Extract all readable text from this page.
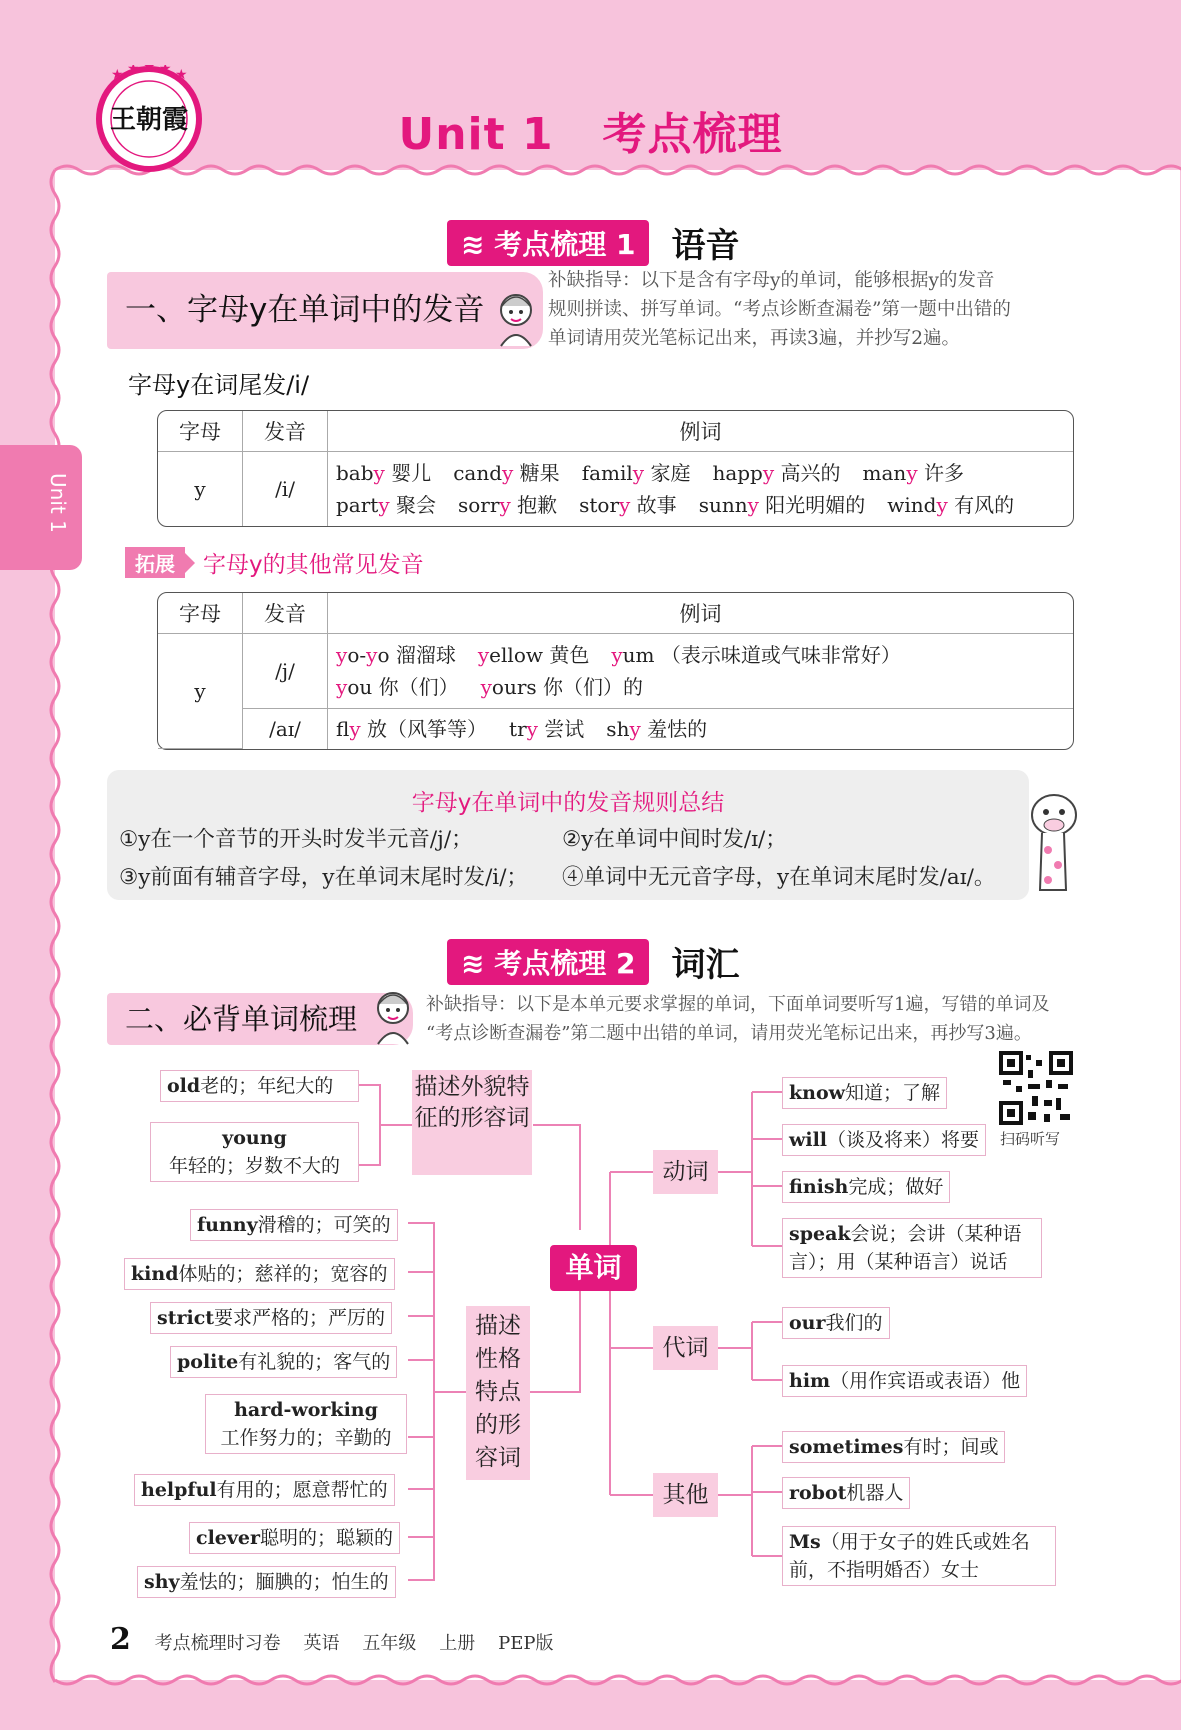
★ ★ ★ ★ ★
王朝霞	Unit 1   考点梳理
Unit 1
≋ 考点梳理 1	语音
一、字母y在单词中的发音
补缺指导：以下是含有字母y的单词，能够根据y的发音
规则拼读、拼写单词。“考点诊断查漏卷”第一题中出错的
单词请用荧光笔标记出来，再读3遍，并抄写2遍。
字母y在词尾发/i/
字母	发音	例词
y	/i/	baby 婴儿 candy 糖果 family 家庭 happy 高兴的 many 许多
party 聚会 sorry 抱歉 story 故事 sunny 阳光明媚的 windy 有风的
拓展	字母y的其他常见发音
字母	发音	例词
y	/j/	yo-yo 溜溜球 yellow 黄色 yum （表示味道或气味非常好）
you 你（们） yours 你（们）的

	/aɪ/	fy 放（风筝等） try 尝试 shy 羞怯的
字母y在单词中的发音规则总结
①y在一个音节的开头时发半元音/j/；	②y在单词中间时发/ɪ/；
③y前面有辅音字母，y在单词末尾时发/i/； ④单词中无元音字母，y在单词末尾时发/aɪ/。
≋ 考点梳理 2	词汇
二、必背单词梳理	补缺指导：以下是本单元要求掌握的单词，下面单词要听写1遍，写错的单词及
“考点诊断查漏卷”第二题中出错的单词，请用荧光笔标记出来，再抄写3遍。
扫码听写
old老的；年纪大的
young
年轻的；岁数不大的
描述外貌特征的形容词
funny滑稽的；可笑的
kind体贴的；慈祥的；宽容的
strict要求严格的；严厉的
polite有礼貌的；客气的
hard-working
工作努力的；辛勤的
helpful有用的；愿意帮忙的
clever聪明的；聪颖的
shy羞怯的；腼腆的；怕生的
描述性格特点的形容词
单词
动词
代词
其他
know知道；了解
will（谈及将来）将要
finish完成；做好
speak会说；会讲（某种语言）；用（某种语言）说话
our我们的
him（用作宾语或表语）他
sometimes有时；间或
robot机器人
Ms（用于女子的姓氏或姓名前，不指明婚否）女士
2 考点梳理时习卷 英语 五年级 上册 PEP版
